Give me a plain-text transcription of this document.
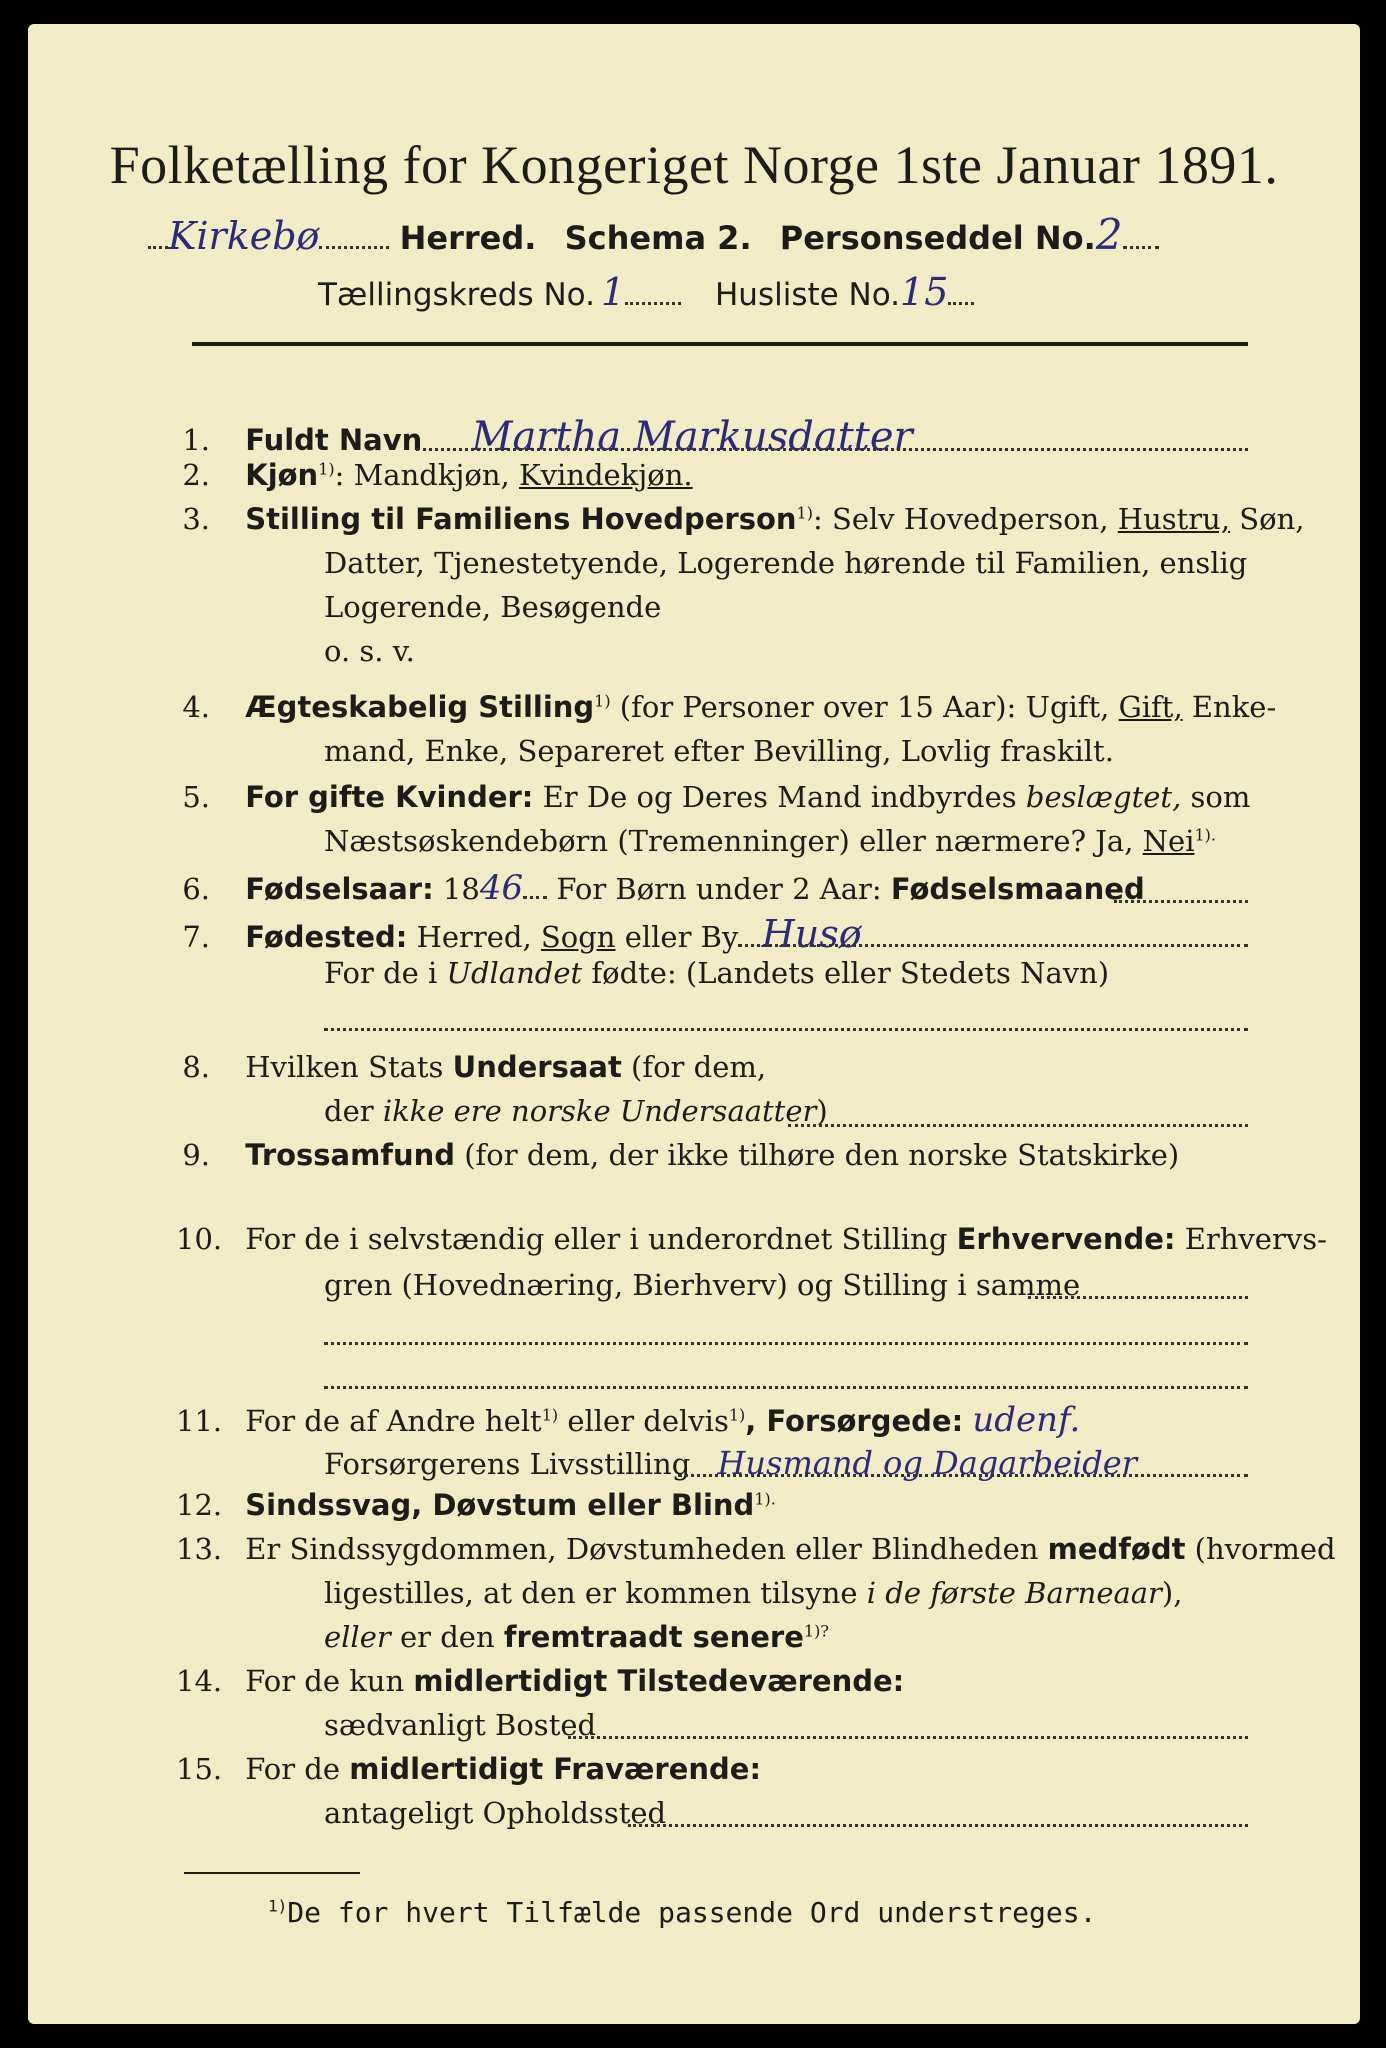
Folketælling for Kongeriget Norge 1ste Januar 1891.
Kirkebø	Herred. Schema 2. Personseddel No.2
Tællingskreds No. 1	Husliste No.15
1. Fuldt Navn Martha Markusdatter
2. Kjøn$^{1)}$: Mandkjøn, Kvindekjøn.
3. Stilling til Familiens Hovedperson$^{1)}$: Selv Hovedperson, Hustru, Søn,
Datter, Tjenestetyende, Logerende hørende til Familien, enslig
Logerende, Besøgende
o. s. v.
4. Ægteskabelig Stilling$^{1)}$ (for Personer over 15 Aar): Ugift, Gift, Enke-
mand, Enke, Separeret efter Bevilling, Lovlig fraskilt.
5. For gifte Kvinder: Er De og Deres Mand indbyrdes beslægtet, som
Næstsøskendebørn (Tremenninger) eller nærmere? Ja, Nei$^{1).}$
6. Fødselsaar: 1846 For Børn under 2 Aar: Fødselsmaaned
7. Fødested: Herred, Sogn eller By Husø
For de i Udlandet fødte: (Landets eller Stedets Navn)
8. Hvilken Stats Undersaat (for dem,
der ikke ere norske Undersaatter)
9. Trossamfund (for dem, der ikke tilhøre den norske Statskirke)
10. For de i selvstændig eller i underordnet Stilling Erhvervende: Erhvervs-
gren (Hovednæring, Bierhverv) og Stilling i samme
11. For de af Andre helt$^{1)}$ eller delvis$^{1)}$, Forsørgede: udenf.
Forsørgerens Livsstilling Husmand og Dagarbeider
12. Sindssvag, Døvstum eller Blind$^{1).}$
13. Er Sindssygdommen, Døvstumheden eller Blindheden medfødt (hvormed
ligestilles, at den er kommen tilsyne i de første Barneaar),
eller er den fremtraadt senere$^{1)?}$
14. For de kun midlertidigt Tilstedeværende:
sædvanligt Bosted
15. For de midlertidigt Fraværende:
antageligt Opholdssted
$^{1)}$De for hvert Tilfælde passende Ord understreges.
